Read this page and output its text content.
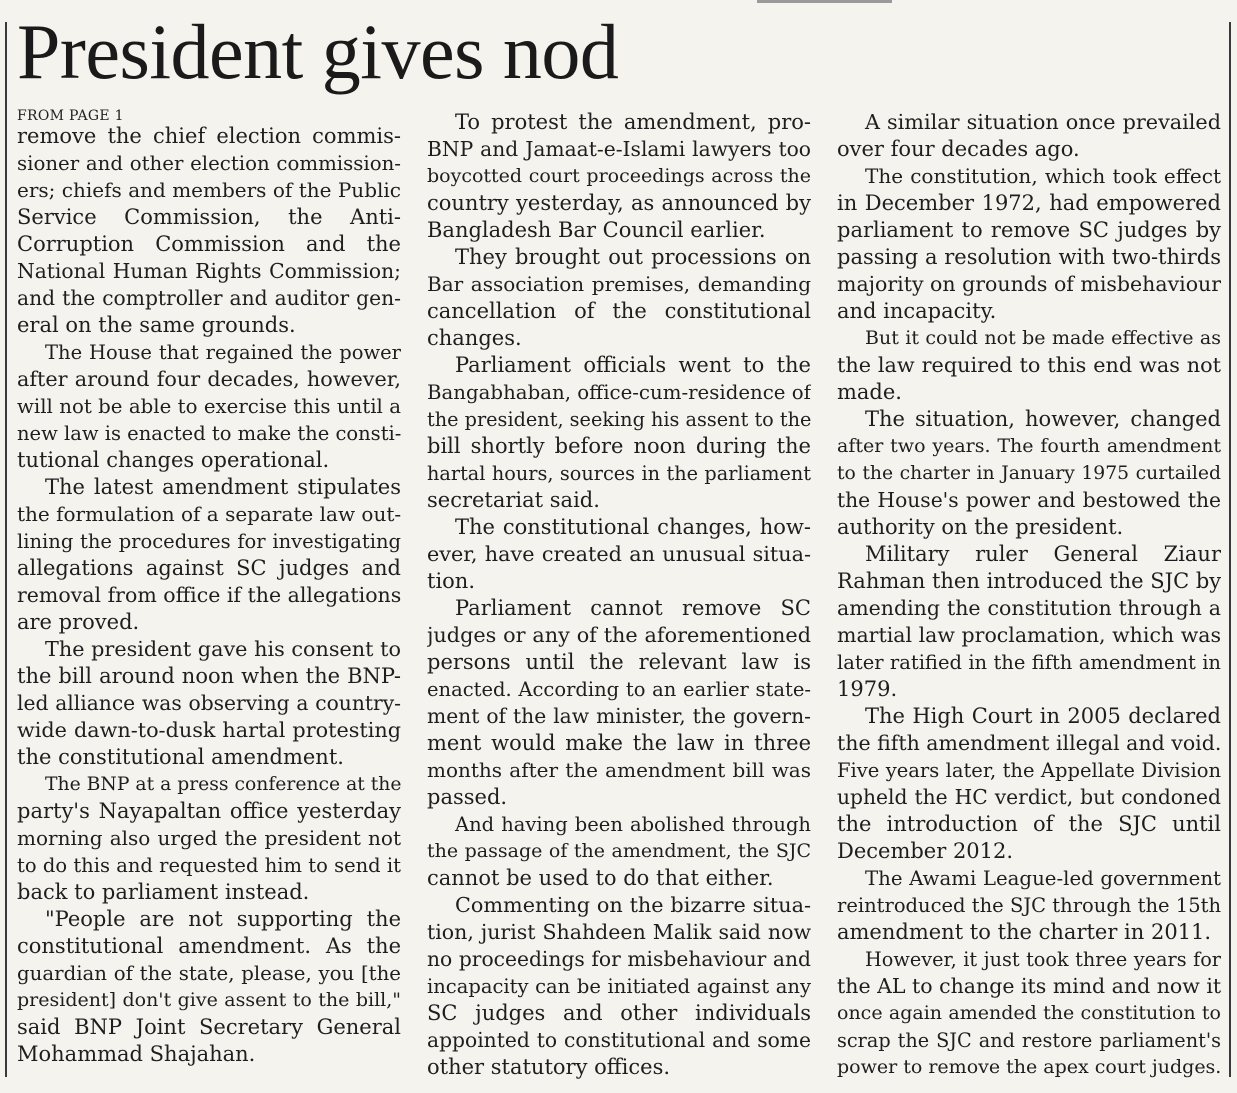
President gives nod
FROM PAGE 1
remove the chief election commis-
sioner and other election commission-
ers; chiefs and members of the Public
Service Commission, the Anti-
Corruption Commission and the
National Human Rights Commission;
and the comptroller and auditor gen-
eral on the same grounds.
The House that regained the power
after around four decades, however,
will not be able to exercise this until a
new law is enacted to make the consti-
tutional changes operational.
The latest amendment stipulates
the formulation of a separate law out-
lining the procedures for investigating
allegations against SC judges and
removal from office if the allegations
are proved.
The president gave his consent to
the bill around noon when the BNP-
led alliance was observing a country-
wide dawn-to-dusk hartal protesting
the constitutional amendment.
The BNP at a press conference at the
party's Nayapaltan office yesterday
morning also urged the president not
to do this and requested him to send it
back to parliament instead.
"People are not supporting the
constitutional amendment. As the
guardian of the state, please, you [the
president] don't give assent to the bill,"
said BNP Joint Secretary General
Mohammad Shajahan.
To protest the amendment, pro-
BNP and Jamaat-e-Islami lawyers too
boycotted court proceedings across the
country yesterday, as announced by
Bangladesh Bar Council earlier.
They brought out processions on
Bar association premises, demanding
cancellation of the constitutional
changes.
Parliament officials went to the
Bangabhaban, office-cum-residence of
the president, seeking his assent to the
bill shortly before noon during the
hartal hours, sources in the parliament
secretariat said.
The constitutional changes, how-
ever, have created an unusual situa-
tion.
Parliament cannot remove SC
judges or any of the aforementioned
persons until the relevant law is
enacted. According to an earlier state-
ment of the law minister, the govern-
ment would make the law in three
months after the amendment bill was
passed.
And having been abolished through
the passage of the amendment, the SJC
cannot be used to do that either.
Commenting on the bizarre situa-
tion, jurist Shahdeen Malik said now
no proceedings for misbehaviour and
incapacity can be initiated against any
SC judges and other individuals
appointed to constitutional and some
other statutory offices.
A similar situation once prevailed
over four decades ago.
The constitution, which took effect
in December 1972, had empowered
parliament to remove SC judges by
passing a resolution with two-thirds
majority on grounds of misbehaviour
and incapacity.
But it could not be made effective as
the law required to this end was not
made.
The situation, however, changed
after two years. The fourth amendment
to the charter in January 1975 curtailed
the House's power and bestowed the
authority on the president.
Military ruler General Ziaur
Rahman then introduced the SJC by
amending the constitution through a
martial law proclamation, which was
later ratified in the fifth amendment in
1979.
The High Court in 2005 declared
the fifth amendment illegal and void.
Five years later, the Appellate Division
upheld the HC verdict, but condoned
the introduction of the SJC until
December 2012.
The Awami League-led government
reintroduced the SJC through the 15th
amendment to the charter in 2011.
However, it just took three years for
the AL to change its mind and now it
once again amended the constitution to
scrap the SJC and restore parliament's
power to remove the apex court judges.
